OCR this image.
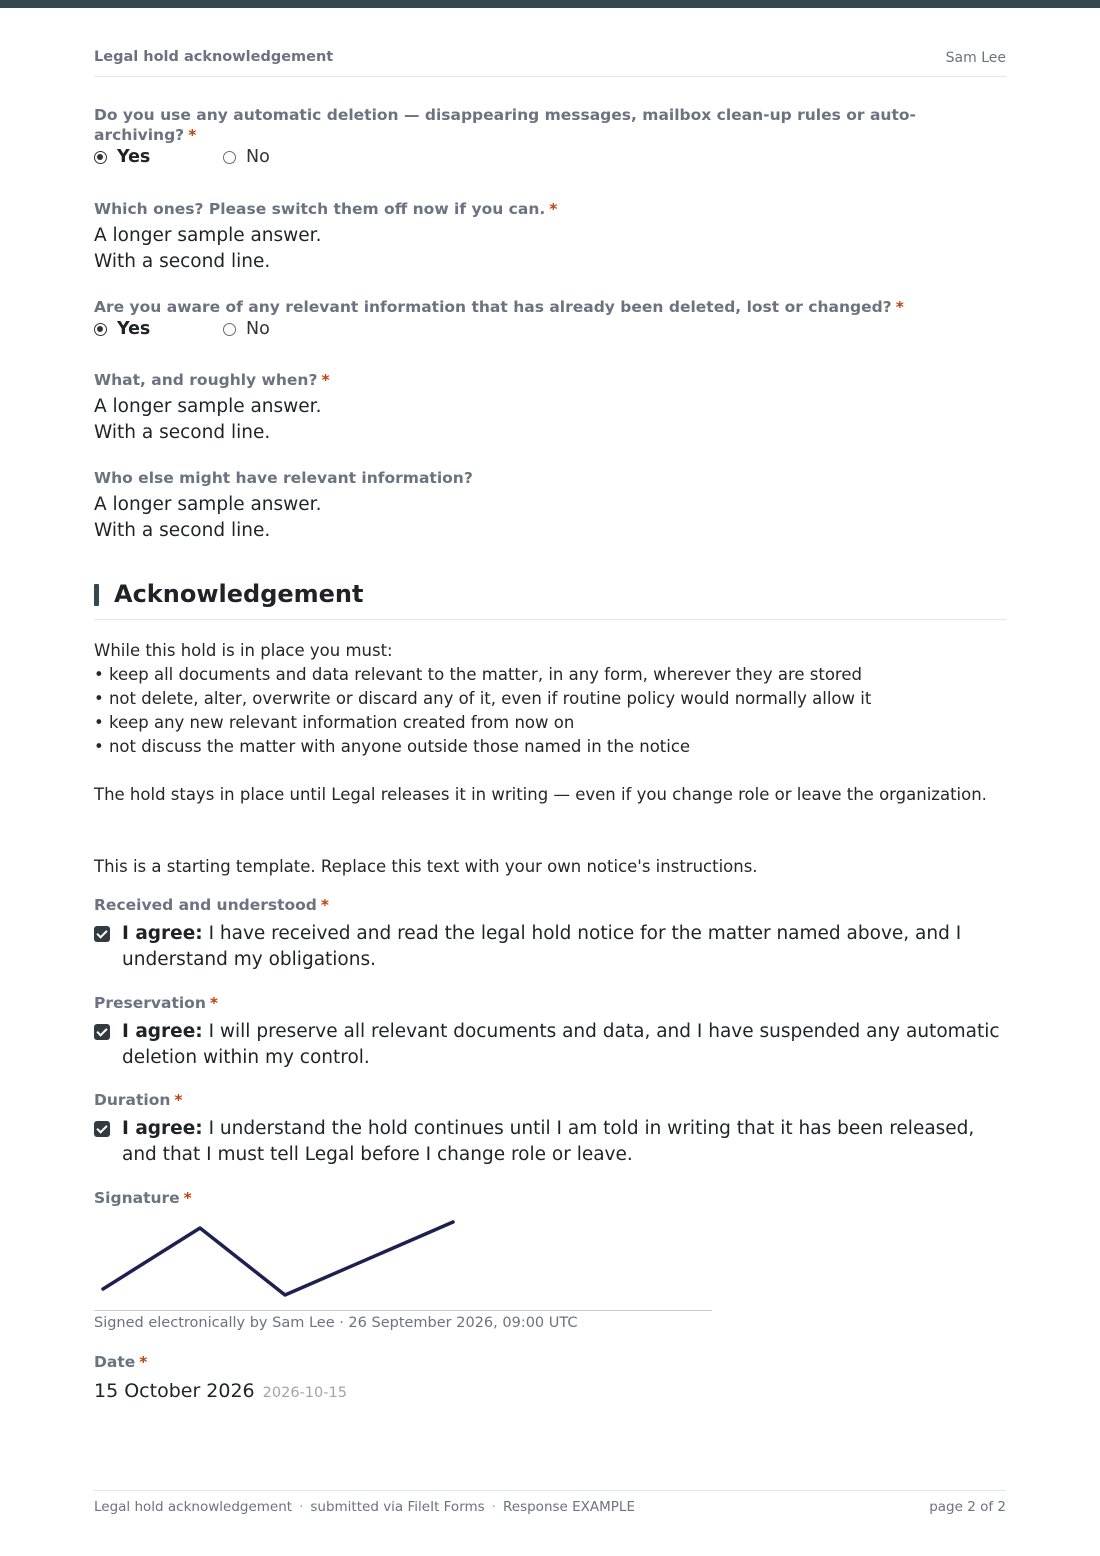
Legal hold acknowledgement	Sam Lee
Do you use any automatic deletion — disappearing messages, mailbox clean-up rules or auto-archiving? *
Yes	No
Which ones? Please switch them off now if you can. *
A longer sample answer.
With a second line.
Are you aware of any relevant information that has already been deleted, lost or changed? *
Yes	No
What, and roughly when? *
A longer sample answer.
With a second line.
Who else might have relevant information?
A longer sample answer.
With a second line.
Acknowledgement
While this hold is in place you must:
• keep all documents and data relevant to the matter, in any form, wherever they are stored
• not delete, alter, overwrite or discard any of it, even if routine policy would normally allow it
• keep any new relevant information created from now on
• not discuss the matter with anyone outside those named in the notice
The hold stays in place until Legal releases it in writing — even if you change role or leave the organization.
This is a starting template. Replace this text with your own notice's instructions.
Received and understood *
I agree: I have received and read the legal hold notice for the matter named above, and I understand my obligations.
Preservation *
I agree: I will preserve all relevant documents and data, and I have suspended any automatic deletion within my control.
Duration *
I agree: I understand the hold continues until I am told in writing that it has been released, and that I must tell Legal before I change role or leave.
Signature *
Signed electronically by Sam Lee · 26 September 2026, 09:00 UTC
Date *
15 October 2026 2026-10-15
Legal hold acknowledgement · submitted via FileIt Forms · Response EXAMPLE	page 2 of 2
